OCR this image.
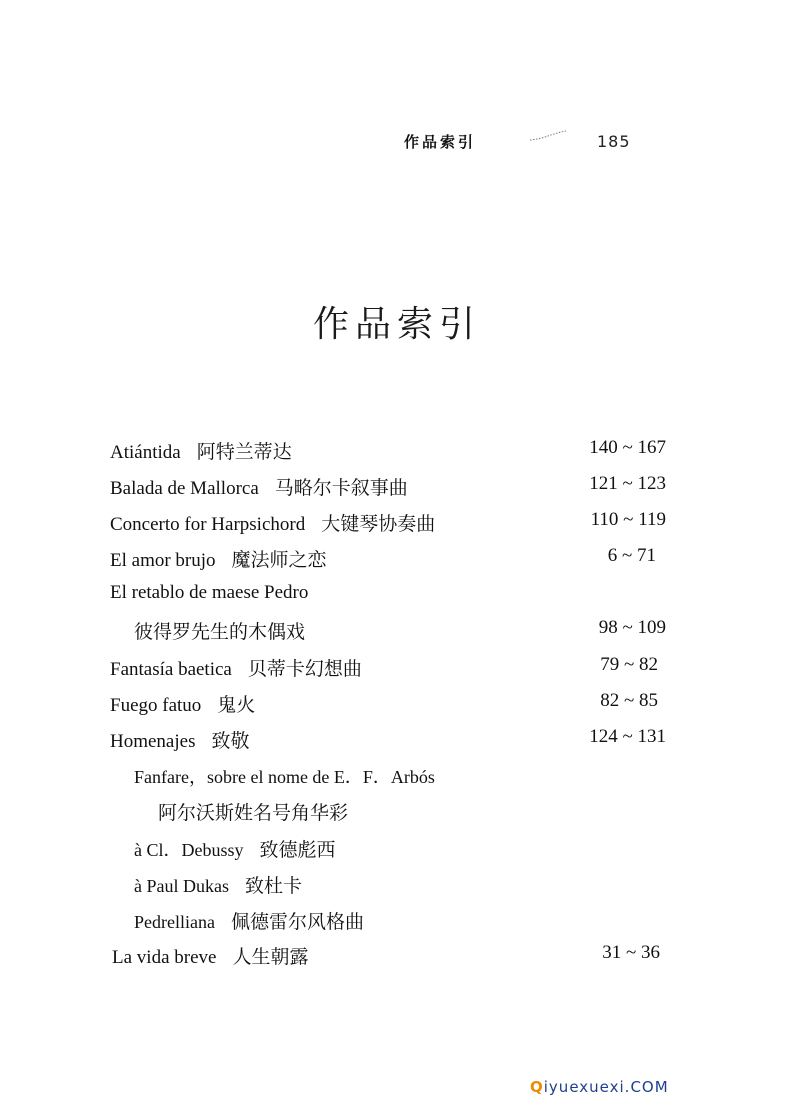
作品索引	185
作品索引
Atiántida 阿特兰蒂达	140 ~ 167
Balada de Mallorca 马略尔卡叙事曲	121 ~ 123
Concerto for Harpsichord 大键琴协奏曲	110 ~ 119
El amor brujo 魔法师之恋	6 ~ 71
El retablo de maese Pedro
彼得罗先生的木偶戏	98 ~ 109
Fantasía baetica 贝蒂卡幻想曲	79 ~ 82
Fuego fatuo 鬼火	82 ~ 85
Homenajes 致敬	124 ~ 131
Fanfare，sobre el nome de E．F．Arbós
阿尔沃斯姓名号角华彩
à Cl．Debussy 致德彪西
à Paul Dukas 致杜卡
Pedrelliana 佩德雷尔风格曲
La vida breve 人生朝露	31 ~ 36
Qiyuexuexi.COM
